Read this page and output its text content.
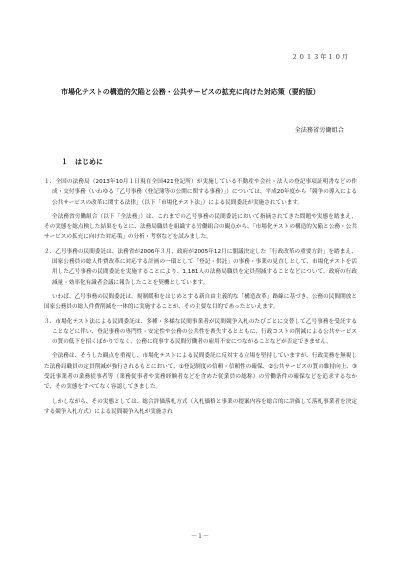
２０１３年１０月
市場化テストの構造的欠陥と公務・公共サービスの拡充に向けた対応策（要約版）
全法務省労働組合
１ はじめに

１．全国の法務局（2013年10月１日現在全国421登記所）が実施している不動産や会社・法人の登記事項証明書などの作成・交付事務（いわゆる「乙号事務（登記簿等の公開に関する事務）」）については、平成20年度から「競争の導入による公共サービスの改革に関する法律」（以下「市場化テスト法」）による民間委託が実施されています。

全法務省労働組合（以下「全法務」）は、これまでの乙号事務の民間委託において指摘されてきた問題や実態を踏まえ、その実態を総点検した結果をもとに、法務局職員を組織する労働組合の観点から、「市場化テストの構造的欠陥と公務・公共サービスの拡充に向けた対応策」の分析・考察などを試みました。

２．乙号事務の民間委託は、法務省が2006年３月、政府が2005年12月に閣議決定した「行政改革の重要方針」を踏まえ、国家公務員の総人件費改革に対応する計画の一環として「登記・供託」の事務・事業の見直しとして、市場化テストを活用した乙号事務の民間委託を実施することにより、1,181人の法務局職員を定員削減することなどについて、政府の行政減量・効率化有識者会議に報告したことを契機としています。

いわば、乙号事務の民間委託は、規制緩和をはじめとする新自由主義的な「構造改革」路線に基づき、公務の民間開放と国家公務員の総人件費削減を一体的に実施することが、その主要な目的であったといえます。

３．市場化テスト法による民間委託は、多種・多様な民間事業者が民間競争入札のたびごとに交替して乙号事務を受託することなどに伴い、登記事務の専門性・安定性や公務の公共性を喪失するとともに、行政コストの削減による公共サービスの質の低下を招くばかりでなく、公務に従事する民間労働者の雇用不安につながることなどが否定できません。

全法務は、そうした観点を重視し、市場化テストによる民間委託に反対する立場を堅持していますが、行政実務を無視した法務局職員の定員削減が強行されるもとにおいて、①登記制度の信頼・信頼性の確保、②公共サービスの質の維持向上、③受託事業者の業務従事者等（業務従事者や実務経験者などを含めた従業員の総称）の労働条件の確保などを追求するなかで、その実態をすべてなく容認してきました。

しかしながら、その実態としては、総合評価落札方式（入札価格と事業の提案内容を総合的に評価して落札事業者を決定する競争入札方式）による民間競争入札が実施され

－１－
